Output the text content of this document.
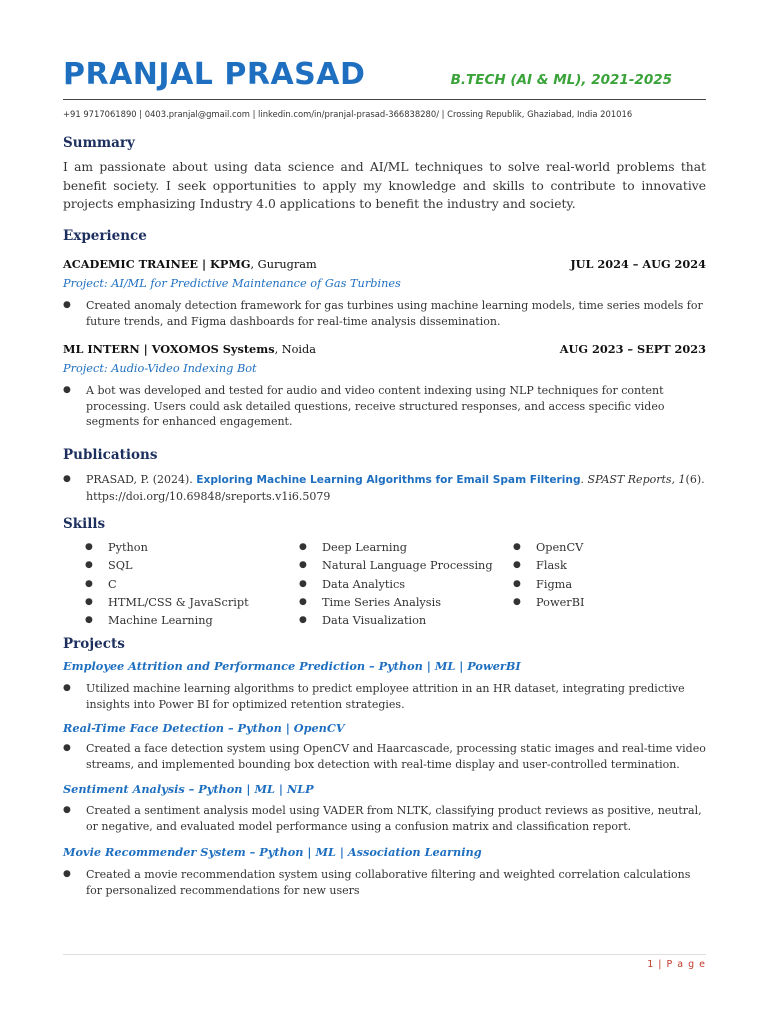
PRANJAL PRASAD	B.TECH (AI & ML), 2021-2025
+91 9717061890 | 0403.pranjal@gmail.com | linkedin.com/in/pranjal-prasad-366838280/ | Crossing Republik, Ghaziabad, India 201016
Summary

I am passionate about using data science and AI/ML techniques to solve real-world problems that benefit society. I seek opportunities to apply my knowledge and skills to contribute to innovative projects emphasizing Industry 4.0 applications to benefit the industry and society.

Experience
ACADEMIC TRAINEE | KPMG, Gurugram	JUL 2024 – AUG 2024
Project: AI/ML for Predictive Maintenance of Gas Turbines
● Created anomaly detection framework for gas turbines using machine learning models, time series models for future trends, and Figma dashboards for real-time analysis dissemination.
ML INTERN | VOXOMOS Systems, Noida	AUG 2023 – SEPT 2023
Project: Audio-Video Indexing Bot
● A bot was developed and tested for audio and video content indexing using NLP techniques for content processing. Users could ask detailed questions, receive structured responses, and access specific video segments for enhanced engagement.
Publications
● PRASAD, P. (2024). Exploring Machine Learning Algorithms for Email Spam Filtering. SPAST Reports, 1(6).
https://doi.org/10.69848/sreports.v1i6.5079
Skills
● Python
● SQL
● C
● HTML/CSS & JavaScript
● Machine Learning
● Deep Learning
● Natural Language Processing
● Data Analytics
● Time Series Analysis
● Data Visualization
● OpenCV
● Flask
● Figma
● PowerBI
Projects
Employee Attrition and Performance Prediction – Python | ML | PowerBI
● Utilized machine learning algorithms to predict employee attrition in an HR dataset, integrating predictive insights into Power BI for optimized retention strategies.
Real-Time Face Detection – Python | OpenCV
● Created a face detection system using OpenCV and Haarcascade, processing static images and real-time video streams, and implemented bounding box detection with real-time display and user-controlled termination.
Sentiment Analysis – Python | ML | NLP
● Created a sentiment analysis model using VADER from NLTK, classifying product reviews as positive, neutral, or negative, and evaluated model performance using a confusion matrix and classification report.
Movie Recommender System – Python | ML | Association Learning
● Created a movie recommendation system using collaborative filtering and weighted correlation calculations for personalized recommendations for new users
1 | P a g e
